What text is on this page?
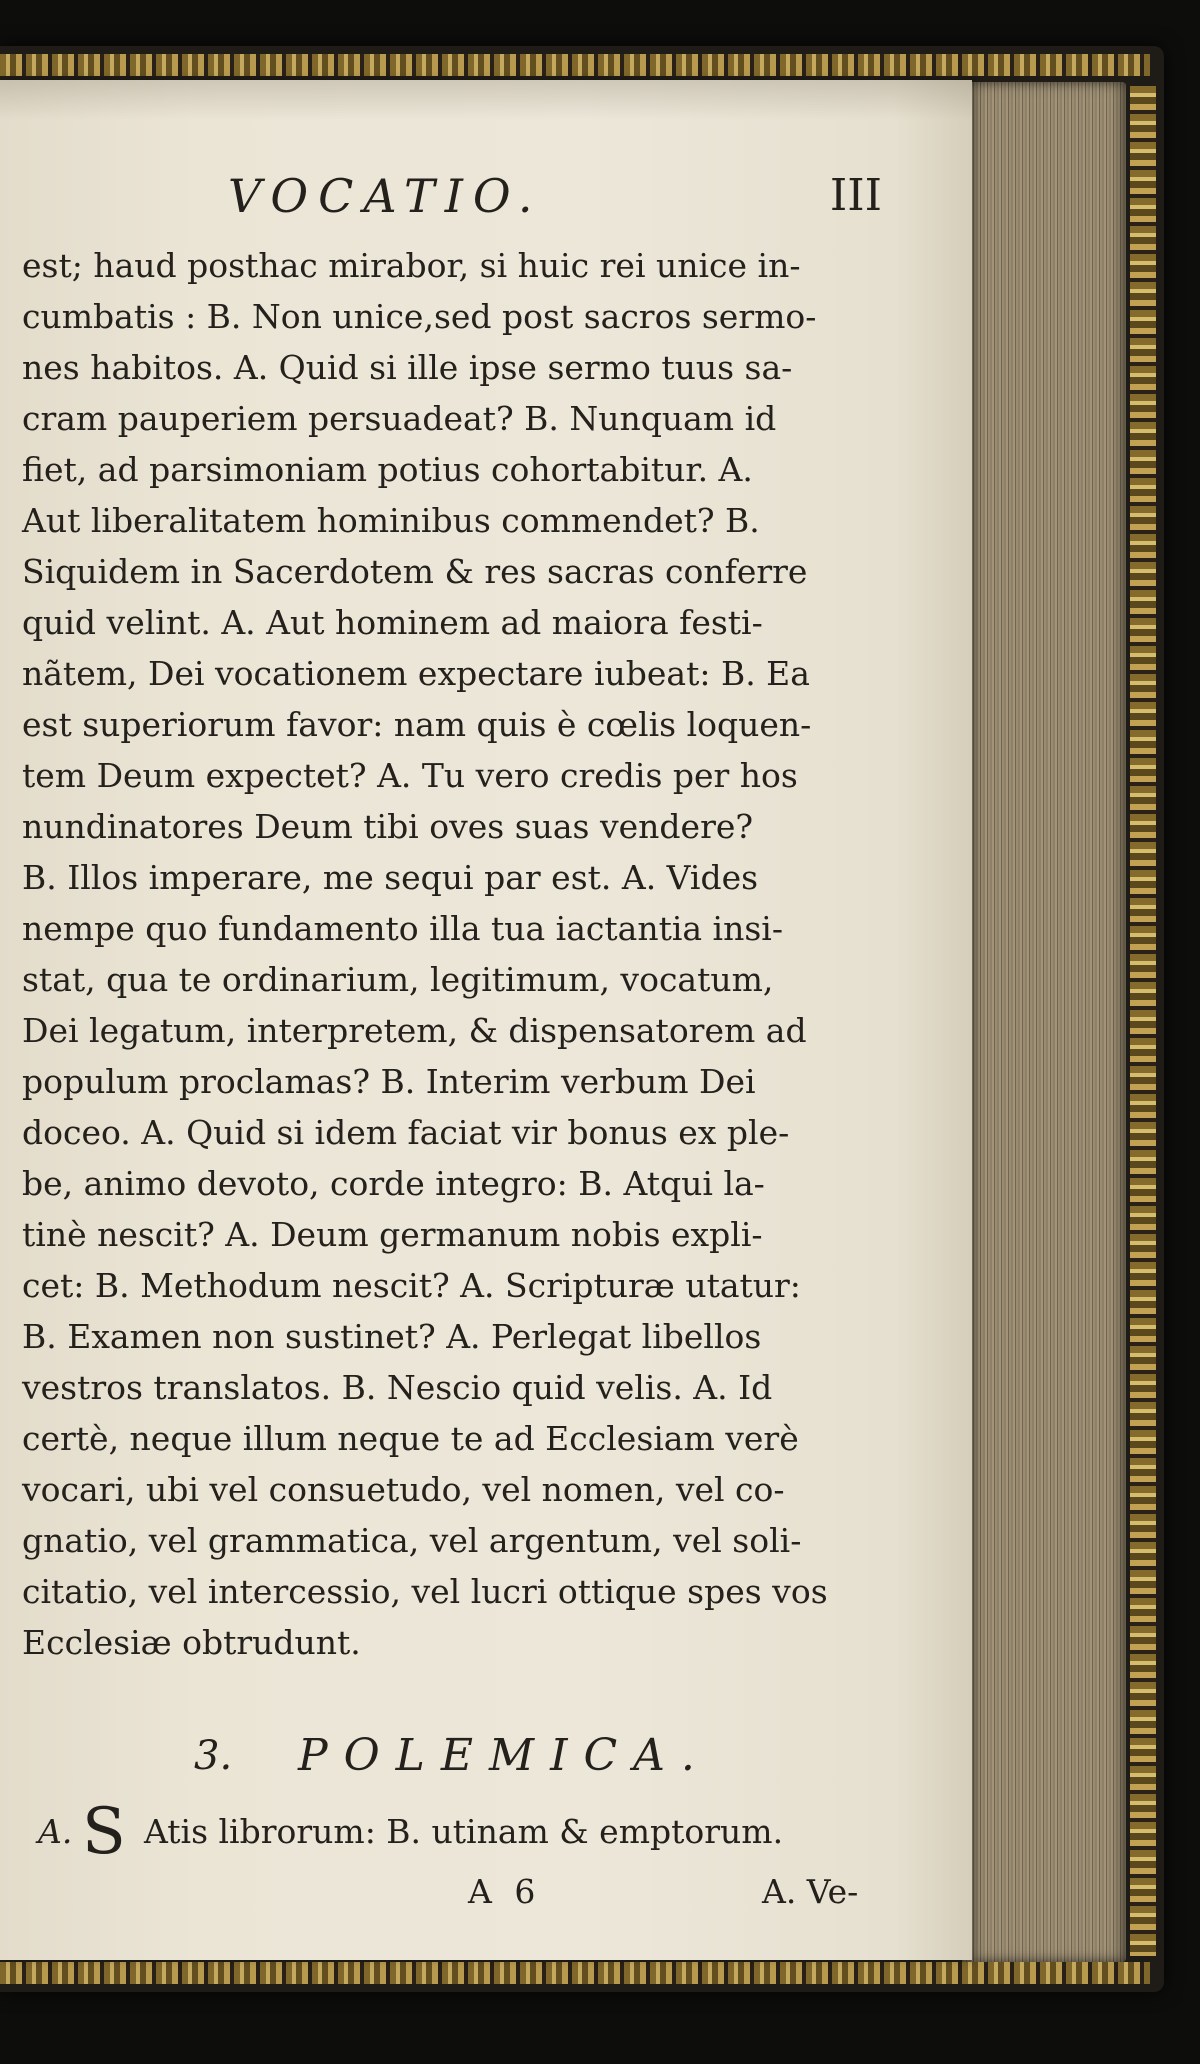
VOCATIO.	III
est; haud posthac mirabor, si huic rei unice in-
cumbatis : B. Non unice,sed post sacros sermo-
nes habitos. A. Quid si ille ipse sermo tuus sa-
cram pauperiem persuadeat? B. Nunquam id
fiet, ad parsimoniam potius cohortabitur. A.
Aut liberalitatem hominibus commendet? B.
Siquidem in Sacerdotem & res sacras conferre
quid velint. A. Aut hominem ad maiora festi-
nãtem, Dei vocationem expectare iubeat: B. Ea
est superiorum favor: nam quis è cœlis loquen-
tem Deum expectet? A. Tu vero credis per hos
nundinatores Deum tibi oves suas vendere?
B. Illos imperare, me sequi par est. A. Vides
nempe quo fundamento illa tua iactantia insi-
stat, qua te ordinarium, legitimum, vocatum,
Dei legatum, interpretem, & dispensatorem ad
populum proclamas? B. Interim verbum Dei
doceo. A. Quid si idem faciat vir bonus ex ple-
be, animo devoto, corde integro: B. Atqui la-
tinè nescit? A. Deum germanum nobis expli-
cet: B. Methodum nescit? A. Scripturæ utatur:
B. Examen non sustinet? A. Perlegat libellos
vestros translatos. B. Nescio quid velis. A. Id
certè, neque illum neque te ad Ecclesiam verè
vocari, ubi vel consuetudo, vel nomen, vel co-
gnatio, vel grammatica, vel argentum, vel soli-
citatio, vel intercessio, vel lucri ottique spes vos
Ecclesiæ obtrudunt.
3. POLEMICA.
A. S Atis librorum: B. utinam & emptorum.
A 6	A. Ve-
